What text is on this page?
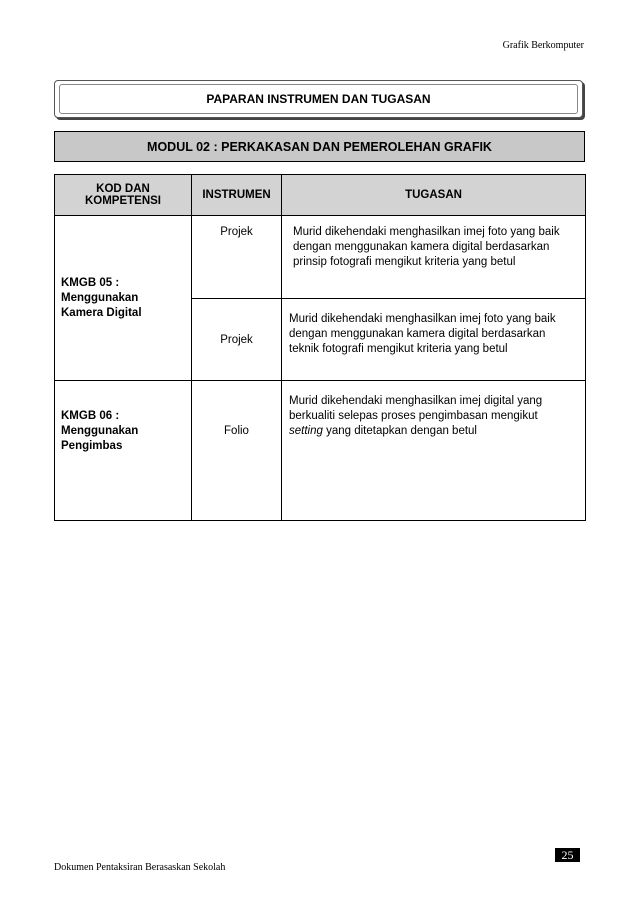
Grafik Berkomputer
PAPARAN INSTRUMEN DAN TUGASAN
MODUL 02 : PERKAKASAN DAN PEMEROLEHAN GRAFIK
KOD DAN KOMPETENSI	INSTRUMEN	TUGASAN

KMGB 05 : Menggunakan Kamera Digital	Projek	Murid dikehendaki menghasilkan imej foto yang baik dengan menggunakan kamera digital berdasarkan prinsip fotografi mengikut kriteria yang betul

	Projek	Murid dikehendaki menghasilkan imej foto yang baik dengan menggunakan kamera digital berdasarkan teknik fotografi mengikut kriteria yang betul

KMGB 06 : Menggunakan Pengimbas	Folio	Murid dikehendaki menghasilkan imej digital yang berkualiti selepas proses pengimbasan mengikut setting yang ditetapkan dengan betul
25
Dokumen Pentaksiran Berasaskan Sekolah
